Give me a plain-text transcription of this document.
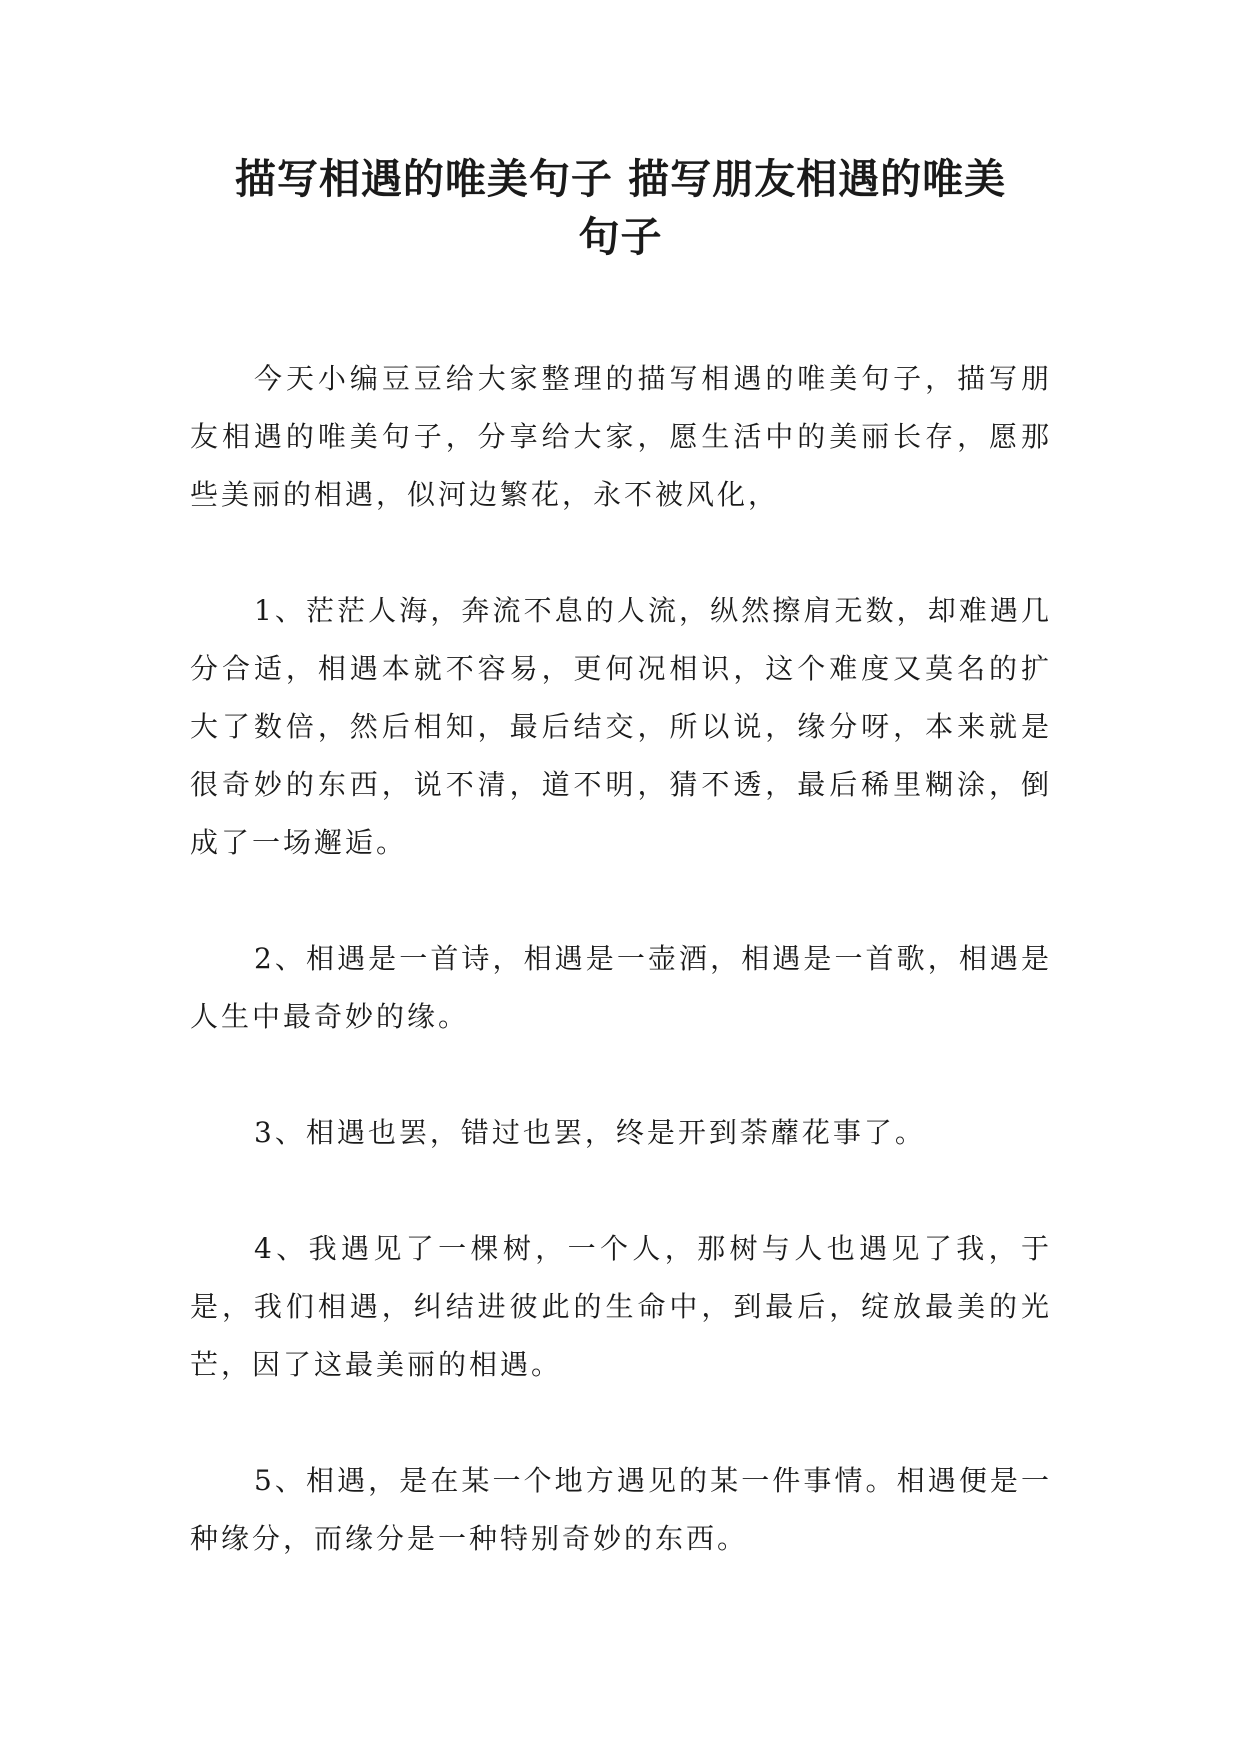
描写相遇的唯美句子 描写朋友相遇的唯美
句子

今天小编豆豆给大家整理的描写相遇的唯美句子，描写朋友相遇的唯美句子，分享给大家，愿生活中的美丽长存，愿那些美丽的相遇，似河边繁花，永不被风化，

1、茫茫人海，奔流不息的人流，纵然擦肩无数，却难遇几分合适，相遇本就不容易，更何况相识，这个难度又莫名的扩大了数倍，然后相知，最后结交，所以说，缘分呀，本来就是很奇妙的东西，说不清，道不明，猜不透，最后稀里糊涂，倒成了一场邂逅。

2、相遇是一首诗，相遇是一壶酒，相遇是一首歌，相遇是人生中最奇妙的缘。

3、相遇也罢，错过也罢，终是开到荼蘼花事了。

4、我遇见了一棵树，一个人，那树与人也遇见了我，于是，我们相遇，纠结进彼此的生命中，到最后，绽放最美的光芒，因了这最美丽的相遇。

5、相遇，是在某一个地方遇见的某一件事情。相遇便是一种缘分，而缘分是一种特别奇妙的东西。
